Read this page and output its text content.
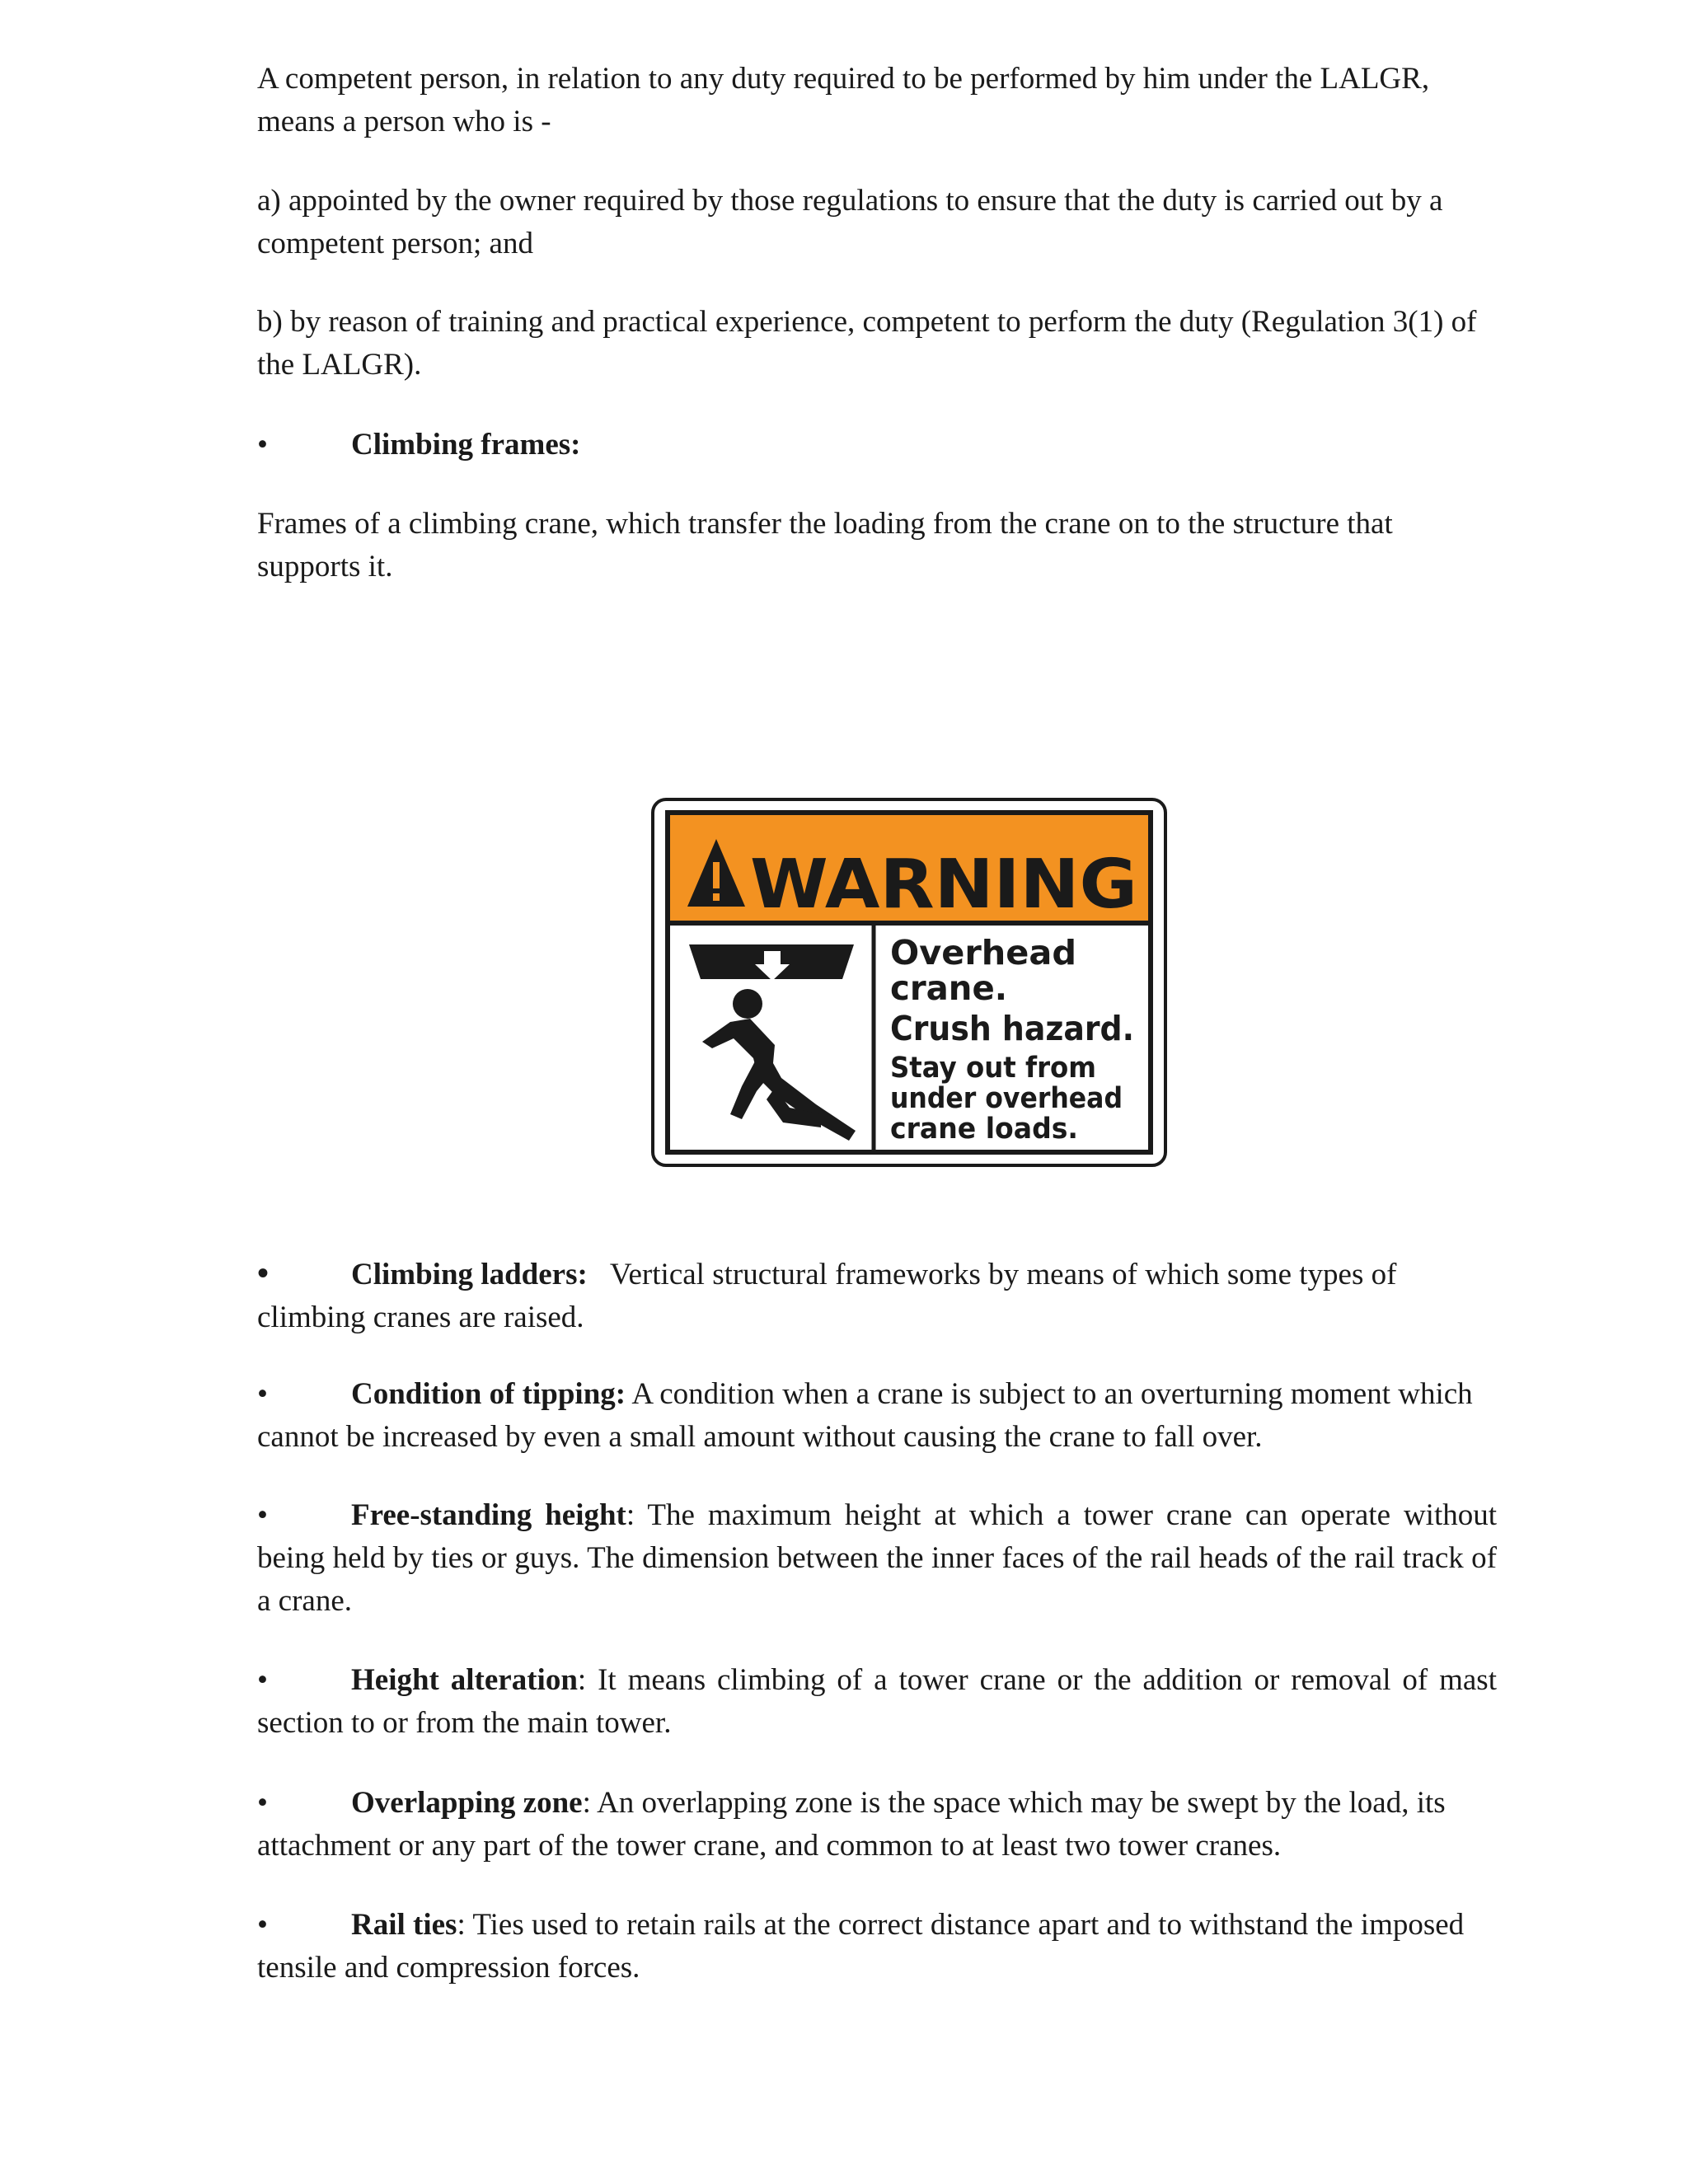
A competent person, in relation to any duty required to be performed by him under the LALGR, means a person who is -

a) appointed by the owner required by those regulations to ensure that the duty is carried out by a competent person; and

b) by reason of training and practical experience, competent to perform the duty (Regulation 3(1) of the LALGR).

•	Climbing frames:

Frames of a climbing crane, which transfer the loading from the crane on to the structure that supports it.

WARNING
Overhead
crane.
Crush hazard.
Stay out from
under overhead
crane loads.

•	Climbing ladders: Vertical structural frameworks by means of which some types of climbing cranes are raised.

•	Condition of tipping: A condition when a crane is subject to an overturning moment which cannot be increased by even a small amount without causing the crane to fall over.

•	Free-standing height: The maximum height at which a tower crane can operate without being held by ties or guys. The dimension between the inner faces of the rail heads of the rail track of a crane.

•	Height alteration: It means climbing of a tower crane or the addition or removal of mast section to or from the main tower.

•	Overlapping zone: An overlapping zone is the space which may be swept by the load, its attachment or any part of the tower crane, and common to at least two tower cranes.

•	Rail ties: Ties used to retain rails at the correct distance apart and to withstand the imposed tensile and compression forces.
